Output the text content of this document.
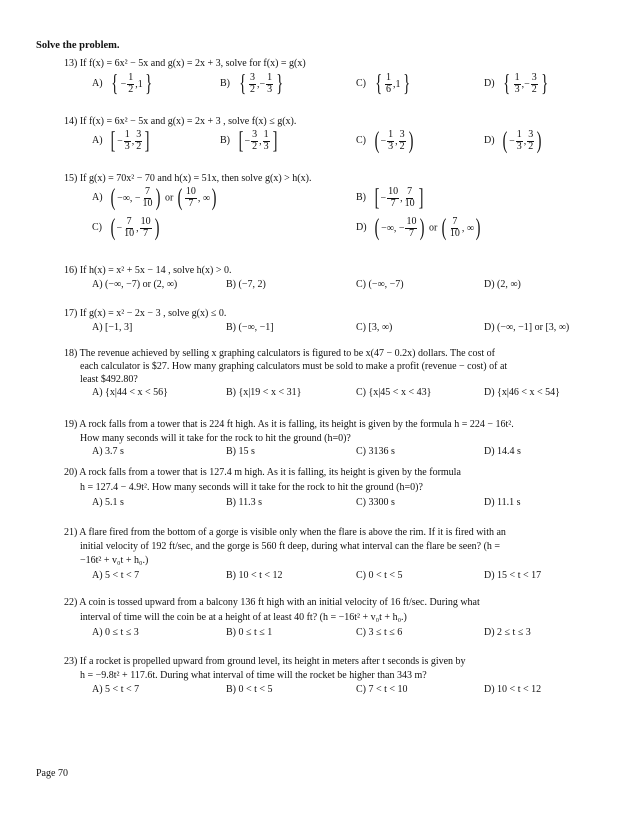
Solve the problem.
13) If f(x) = 6x² − 5x and g(x) = 2x + 3, solve for f(x) = g(x)
A) { − $\frac{1}{2}$ , 1 }	B) { $\frac{3}{2}$ , − $\frac{1}{3}$ }	C) { $\frac{1}{6}$ , 1 }	D) { $\frac{1}{3}$ , − $\frac{3}{2}$ }
14) If f(x) = 6x² − 5x and g(x) = 2x + 3 , solve f(x) ≤ g(x).
A) [ − $\frac{1}{3}$ , $\frac{3}{2}$ ]	B) [ − $\frac{3}{2}$ , $\frac{1}{3}$ ]	C) ( − $\frac{1}{3}$ , $\frac{3}{2}$ )	D) ( − $\frac{1}{3}$ , $\frac{3}{2}$ )
15) If g(x) = 70x² − 70 and h(x) = 51x, then solve g(x) > h(x).
A) ( −∞, − $\frac{7}{10}$ ) or ( $\frac{10}{7}$ , ∞ )	B) [ − $\frac{10}{7}$ , $\frac{7}{10}$ ]
C) ( − $\frac{7}{10}$ , $\frac{10}{7}$ )	D) ( −∞, − $\frac{10}{7}$ ) or ( $\frac{7}{10}$ , ∞ )
16) If h(x) = x² + 5x − 14 , solve h(x) > 0.
A) (−∞, −7) or (2, ∞)	B) (−7, 2)	C) (−∞, −7)	D) (2, ∞)
17) If g(x) = x² − 2x − 3 , solve g(x) ≤ 0.
A) [−1, 3]	B) (−∞, −1]	C) [3, ∞)	D) (−∞, −1] or [3, ∞)
18) The revenue achieved by selling x graphing calculators is figured to be x(47 − 0.2x) dollars. The cost of
each calculator is $27. How many graphing calculators must be sold to make a profit (revenue − cost) of at
least $492.80?
A) {x|44 < x < 56}	B) {x|19 < x < 31}	C) {x|45 < x < 43}	D) {x|46 < x < 54}
19) A rock falls from a tower that is 224 ft high. As it is falling, its height is given by the formula h = 224 − 16t².
How many seconds will it take for the rock to hit the ground (h=0)?
A) 3.7 s	B) 15 s	C) 3136 s	D) 14.4 s
20) A rock falls from a tower that is 127.4 m high. As it is falling, its height is given by the formula
h = 127.4 − 4.9t². How many seconds will it take for the rock to hit the ground (h=0)?
A) 5.1 s	B) 11.3 s	C) 3300 s	D) 11.1 s
21) A flare fired from the bottom of a gorge is visible only when the flare is above the rim. If it is fired with an
initial velocity of 192 ft/sec, and the gorge is 560 ft deep, during what interval can the flare be seen? (h =
−16t² + v₀t + h₀.)
A) 5 < t < 7	B) 10 < t < 12	C) 0 < t < 5	D) 15 < t < 17
22) A coin is tossed upward from a balcony 136 ft high with an initial velocity of 16 ft/sec. During what
interval of time will the coin be at a height of at least 40 ft? (h = −16t² + v₀t + h₀.)
A) 0 ≤ t ≤ 3	B) 0 ≤ t ≤ 1	C) 3 ≤ t ≤ 6	D) 2 ≤ t ≤ 3
23) If a rocket is propelled upward from ground level, its height in meters after t seconds is given by
h = −9.8t² + 117.6t. During what interval of time will the rocket be higher than 343 m?
A) 5 < t < 7	B) 0 < t < 5	C) 7 < t < 10	D) 10 < t < 12
Page 70
